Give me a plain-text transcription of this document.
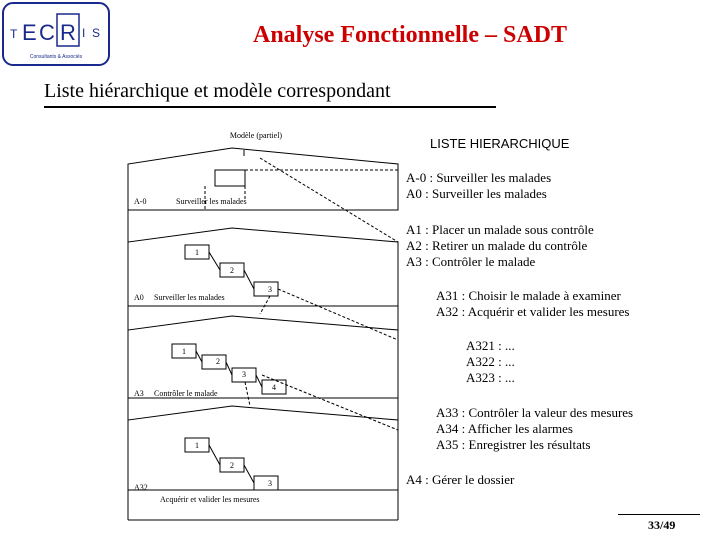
T E C R I S
Consultants & Associés
Analyse Fonctionnelle – SADT
Liste hiérarchique et modèle correspondant
Modèle (partiel)
A-0	Surveiller les malades
A0 Surveiller les malades
1
2
3
A3 Contrôler le malade
1
2
3
4
A32
Acquérir et valider les mesures
1
2
3
LISTE HIERARCHIQUE
A-0 : Surveiller les malades
A0 : Surveiller les malades
A1 : Placer un malade sous contrôle
A2 : Retirer un malade du contrôle
A3 : Contrôler le malade
A31 : Choisir le malade à examiner
A32 : Acquérir et valider les mesures
A321 : ...
A322 : ...
A323 : ...
A33 : Contrôler la valeur des mesures
A34 : Afficher les alarmes
A35 : Enregistrer les résultats
A4 : Gérer le dossier
33/49
